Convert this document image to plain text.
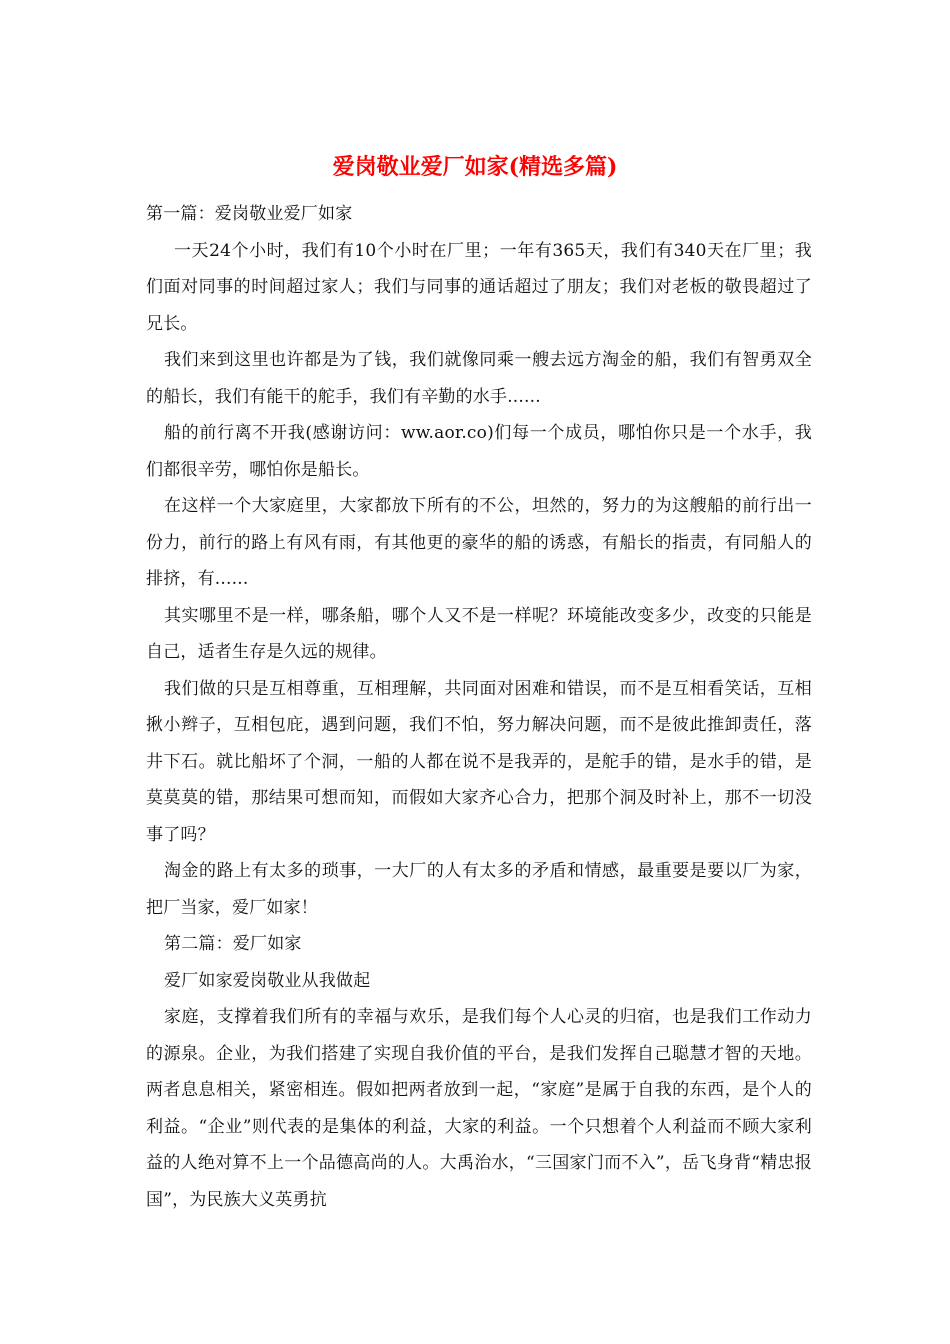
爱岗敬业爱厂如家(精选多篇)

第一篇：爱岗敬业爱厂如家

一天24个小时，我们有10个小时在厂里；一年有365天，我们有340天在厂里；我们面对同事的时间超过家人；我们与同事的通话超过了朋友；我们对老板的敬畏超过了兄长。

我们来到这里也许都是为了钱，我们就像同乘一艘去远方淘金的船，我们有智勇双全的船长，我们有能干的舵手，我们有辛勤的水手......

船的前行离不开我(感谢访问：ww.aor.co)们每一个成员，哪怕你只是一个水手，我们都很辛劳，哪怕你是船长。

在这样一个大家庭里，大家都放下所有的不公，坦然的，努力的为这艘船的前行出一份力，前行的路上有风有雨，有其他更的豪华的船的诱惑，有船长的指责，有同船人的排挤，有......

其实哪里不是一样，哪条船，哪个人又不是一样呢？环境能改变多少，改变的只能是自己，适者生存是久远的规律。

我们做的只是互相尊重，互相理解，共同面对困难和错误，而不是互相看笑话，互相揪小辫子，互相包庇，遇到问题，我们不怕，努力解决问题，而不是彼此推卸责任，落井下石。就比船坏了个洞，一船的人都在说不是我弄的，是舵手的错，是水手的错，是莫莫莫的错，那结果可想而知，而假如大家齐心合力，把那个洞及时补上，那不一切没事了吗？

淘金的路上有太多的琐事，一大厂的人有太多的矛盾和情感，最重要是要以厂为家，把厂当家，爱厂如家！

第二篇：爱厂如家

爱厂如家爱岗敬业从我做起

家庭，支撑着我们所有的幸福与欢乐，是我们每个人心灵的归宿，也是我们工作动力的源泉。企业，为我们搭建了实现自我价值的平台，是我们发挥自己聪慧才智的天地。两者息息相关，紧密相连。假如把两者放到一起，“家庭”是属于自我的东西，是个人的利益。“企业”则代表的是集体的利益，大家的利益。一个只想着个人利益而不顾大家利益的人绝对算不上一个品德高尚的人。大禹治水，“三国家门而不入”，岳飞身背“精忠报国”，为民族大义英勇抗
